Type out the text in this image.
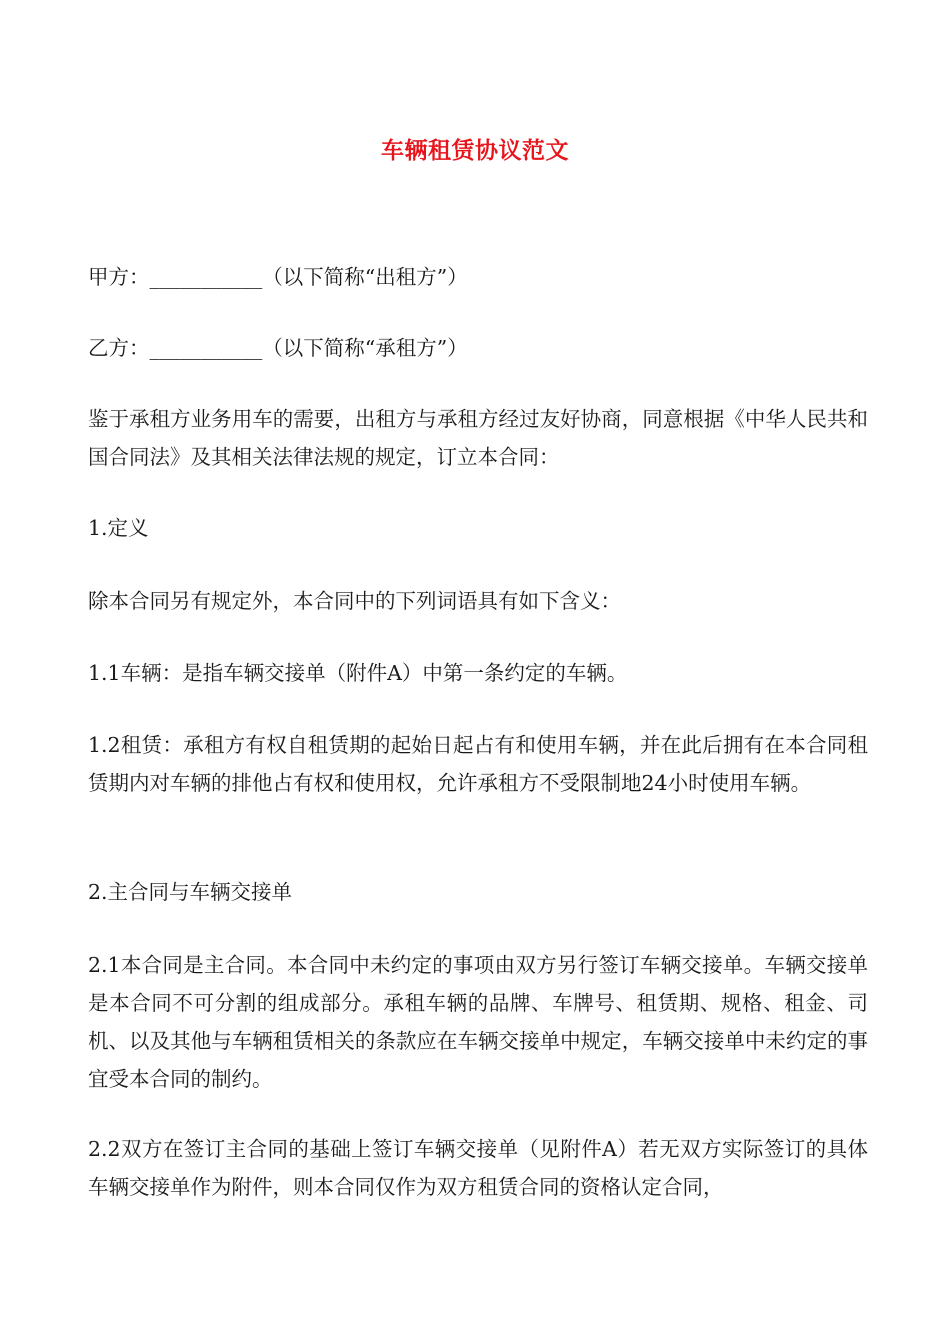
车辆租赁协议范文

甲方：___________（以下简称“出租方”）

乙方：___________（以下简称“承租方”）

鉴于承租方业务用车的需要，出租方与承租方经过友好协商，同意根据《中华人民共和国合同法》及其相关法律法规的规定，订立本合同：

1.定义

除本合同另有规定外，本合同中的下列词语具有如下含义：

1.1车辆：是指车辆交接单（附件A）中第一条约定的车辆。

1.2租赁：承租方有权自租赁期的起始日起占有和使用车辆，并在此后拥有在本合同租赁期内对车辆的排他占有权和使用权，允许承租方不受限制地24小时使用车辆。

2.主合同与车辆交接单

2.1本合同是主合同。本合同中未约定的事项由双方另行签订车辆交接单。车辆交接单是本合同不可分割的组成部分。承租车辆的品牌、车牌号、租赁期、规格、租金、司机、以及其他与车辆租赁相关的条款应在车辆交接单中规定，车辆交接单中未约定的事宜受本合同的制约。

2.2双方在签订主合同的基础上签订车辆交接单（见附件A）若无双方实际签订的具体车辆交接单作为附件，则本合同仅作为双方租赁合同的资格认定合同，
